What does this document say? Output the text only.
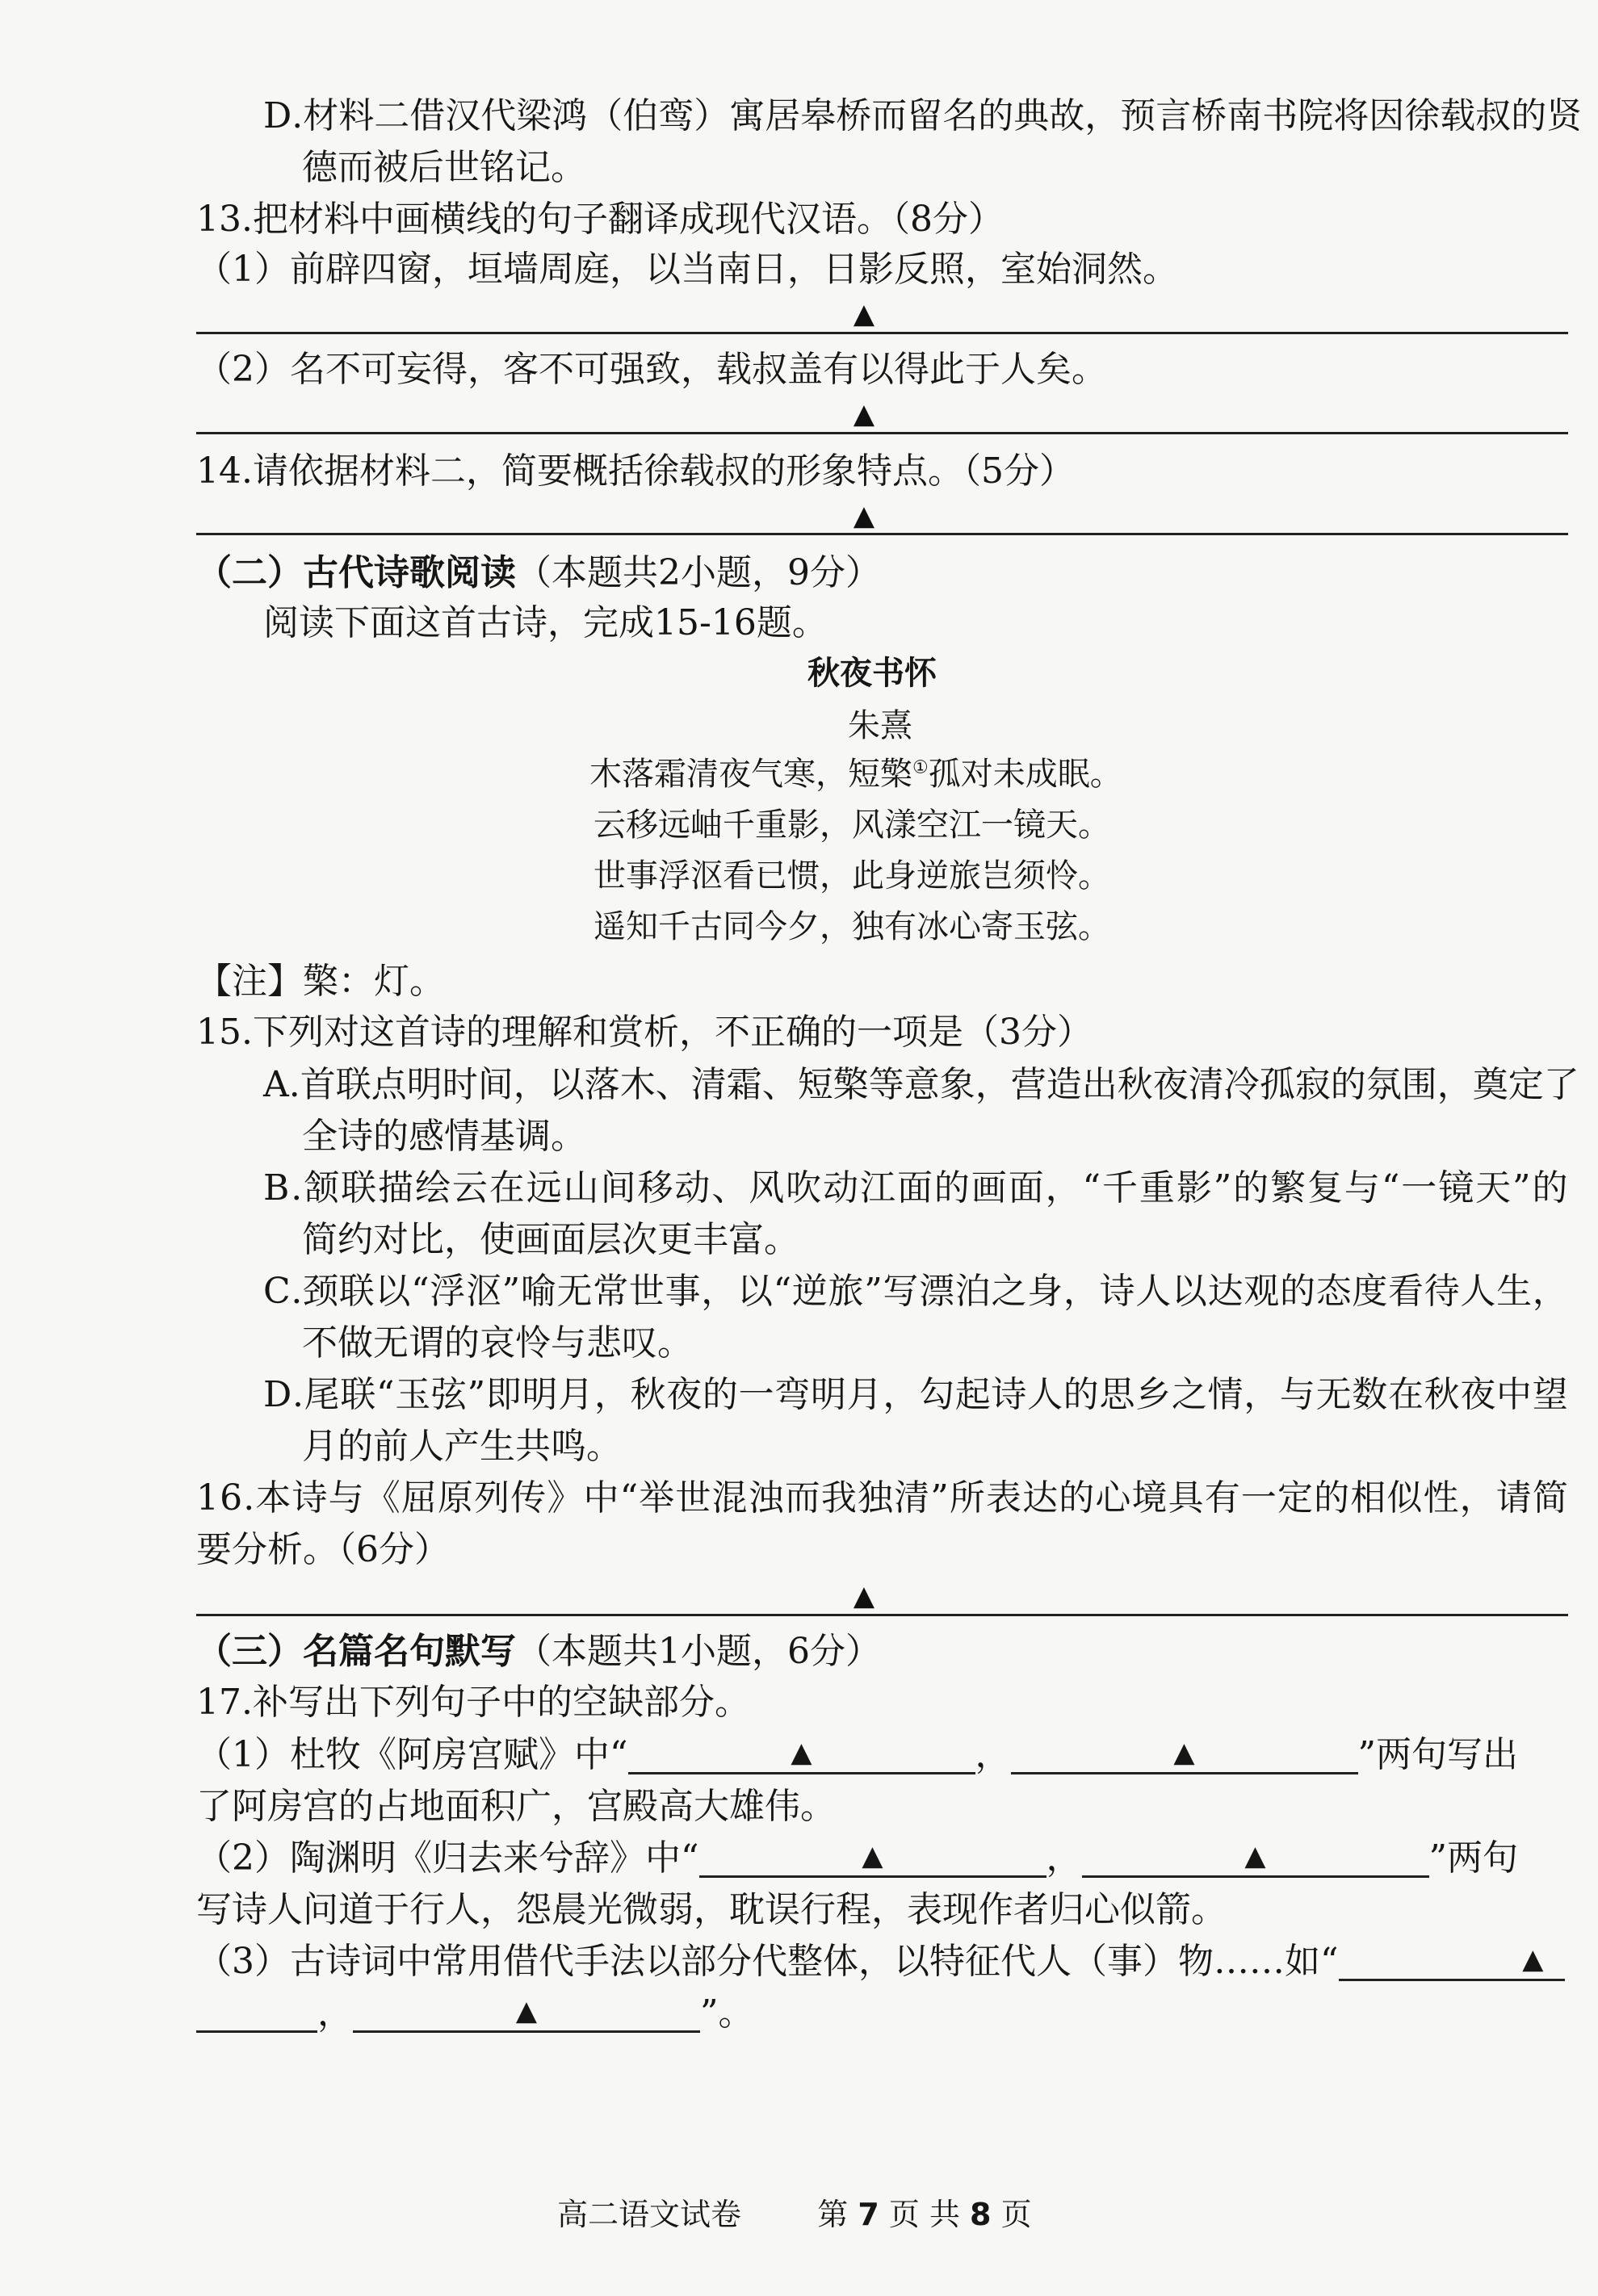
D . 材 料 二 借 汉 代 梁 鸿 （ 伯 鸾 ） 寓 居 皋 桥 而 留 名 的 典 故 ， 预 言 桥 南 书 院 将 因 徐 载 叔 的 贤
德而被后世铭记。
13.把材料中画横线的句子翻译成现代汉语。（8分）
（1）前辟四窗，垣墙周庭，以当南日，日影反照，室始洞然。
▲
（2）名不可妄得，客不可强致，载叔盖有以得此于人矣。
▲
14.请依据材料二，简要概括徐载叔的形象特点。（5分）
▲
（二）古代诗歌阅读（本题共2小题，9分）
阅读下面这首古诗，完成15-16题。
秋夜书怀
朱熹
木落霜清夜气寒，短檠①孤对未成眠。
云移远岫千重影，风漾空江一镜天。
世事浮沤看已惯，此身逆旅岂须怜。
遥知千古同今夕，独有冰心寄玉弦。
【注】檠：灯。
15.下列对这首诗的理解和赏析，不正确 • • •的一项是（3分）
A . 首 联 点 明 时 间 ， 以 落 木 、 清 霜 、 短 檠 等 意 象 ， 营 造 出 秋 夜 清 冷 孤 寂 的 氛 围 ， 奠 定 了
全诗的感情基调。
B . 颔 联 描 绘 云 在 远 山 间 移 动 、 风 吹 动 江 面 的 画 面 ， “ 千 重 影 ” 的 繁 复 与 “ 一 镜 天 ” 的
简约对比，使画面层次更丰富。
C . 颈 联 以 “ 浮 沤 ” 喻 无 常 世 事 ， 以 “ 逆 旅 ” 写 漂 泊 之 身 ， 诗 人 以 达 观 的 态 度 看 待 人 生 ，
不做无谓的哀怜与悲叹。
D . 尾 联 “ 玉 弦 ” 即 明 月 ， 秋 夜 的 一 弯 明 月 ， 勾 起 诗 人 的 思 乡 之 情 ， 与 无 数 在 秋 夜 中 望
月的前人产生共鸣。
1 6 . 本 诗 与 《 屈 原 列 传 》 中 “ 举 世 混 浊 而 我 独 清 ” 所 表 达 的 心 境 具 有 一 定 的 相 似 性 ， 请 简
要分析。（6分）
▲
（三）名篇名句默写（本题共1小题，6分）
17.补写出下列句子中的空缺部分。
（1）杜牧《阿房宫赋》中“	▲	，	▲	”两句写出
了阿房宫的占地面积广，宫殿高大雄伟。
（2）陶渊明《归去来兮辞》中“	▲	，	▲	”两句
写诗人问道于行人，怨晨光微弱，耽误行程，表现作者归心似箭。
（3）古诗词中常用借代手法以部分代整体，以特征代人（事）物……如“	▲
，	▲	”。
高二语文试卷 第 7 页 共 8 页
